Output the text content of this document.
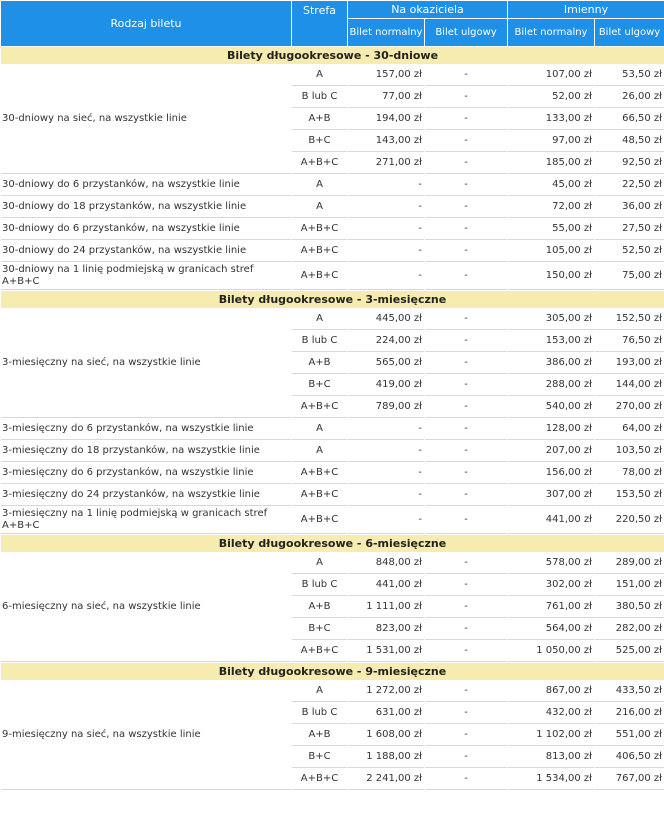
Rodzaj biletu	Strefa	Na okaziciela		Imienny	
		Bilet normalny	Bilet ulgowy	Bilet normalny	Bilet ulgowy
Bilety długookresowe - 30-dniowe					
30-dniowy na sieć, na wszystkie linie	A	157,00 zł	-	107,00 zł	53,50 zł
	B lub C	77,00 zł	-	52,00 zł	26,00 zł
	A+B	194,00 zł	-	133,00 zł	66,50 zł
	B+C	143,00 zł	-	97,00 zł	48,50 zł
	A+B+C	271,00 zł	-	185,00 zł	92,50 zł
30-dniowy do 6 przystanków, na wszystkie linie	A	-	-	45,00 zł	22,50 zł
30-dniowy do 18 przystanków, na wszystkie linie	A	-	-	72,00 zł	36,00 zł
30-dniowy do 6 przystanków, na wszystkie linie	A+B+C	-	-	55,00 zł	27,50 zł
30-dniowy do 24 przystanków, na wszystkie linie	A+B+C	-	-	105,00 zł	52,50 zł
30-dniowy na 1 linię podmiejską w granicach stref A+B+C	A+B+C	-	-	150,00 zł	75,00 zł
Bilety długookresowe - 3-miesięczne					
3-miesięczny na sieć, na wszystkie linie	A	445,00 zł	-	305,00 zł	152,50 zł
	B lub C	224,00 zł	-	153,00 zł	76,50 zł
	A+B	565,00 zł	-	386,00 zł	193,00 zł
	B+C	419,00 zł	-	288,00 zł	144,00 zł
	A+B+C	789,00 zł	-	540,00 zł	270,00 zł
3-miesięczny do 6 przystanków, na wszystkie linie	A	-	-	128,00 zł	64,00 zł
3-miesięczny do 18 przystanków, na wszystkie linie	A	-	-	207,00 zł	103,50 zł
3-miesięczny do 6 przystanków, na wszystkie linie	A+B+C	-	-	156,00 zł	78,00 zł
3-miesięczny do 24 przystanków, na wszystkie linie	A+B+C	-	-	307,00 zł	153,50 zł
3-miesięczny na 1 linię podmiejską w granicach stref A+B+C	A+B+C	-	-	441,00 zł	220,50 zł
Bilety długookresowe - 6-miesięczne					
6-miesięczny na sieć, na wszystkie linie	A	848,00 zł	-	578,00 zł	289,00 zł
	B lub C	441,00 zł	-	302,00 zł	151,00 zł
	A+B	1 111,00 zł	-	761,00 zł	380,50 zł
	B+C	823,00 zł	-	564,00 zł	282,00 zł
	A+B+C	1 531,00 zł	-	1 050,00 zł	525,00 zł
Bilety długookresowe - 9-miesięczne					
9-miesięczny na sieć, na wszystkie linie	A	1 272,00 zł	-	867,00 zł	433,50 zł
	B lub C	631,00 zł	-	432,00 zł	216,00 zł
	A+B	1 608,00 zł	-	1 102,00 zł	551,00 zł
	B+C	1 188,00 zł	-	813,00 zł	406,50 zł
	A+B+C	2 241,00 zł	-	1 534,00 zł	767,00 zł
